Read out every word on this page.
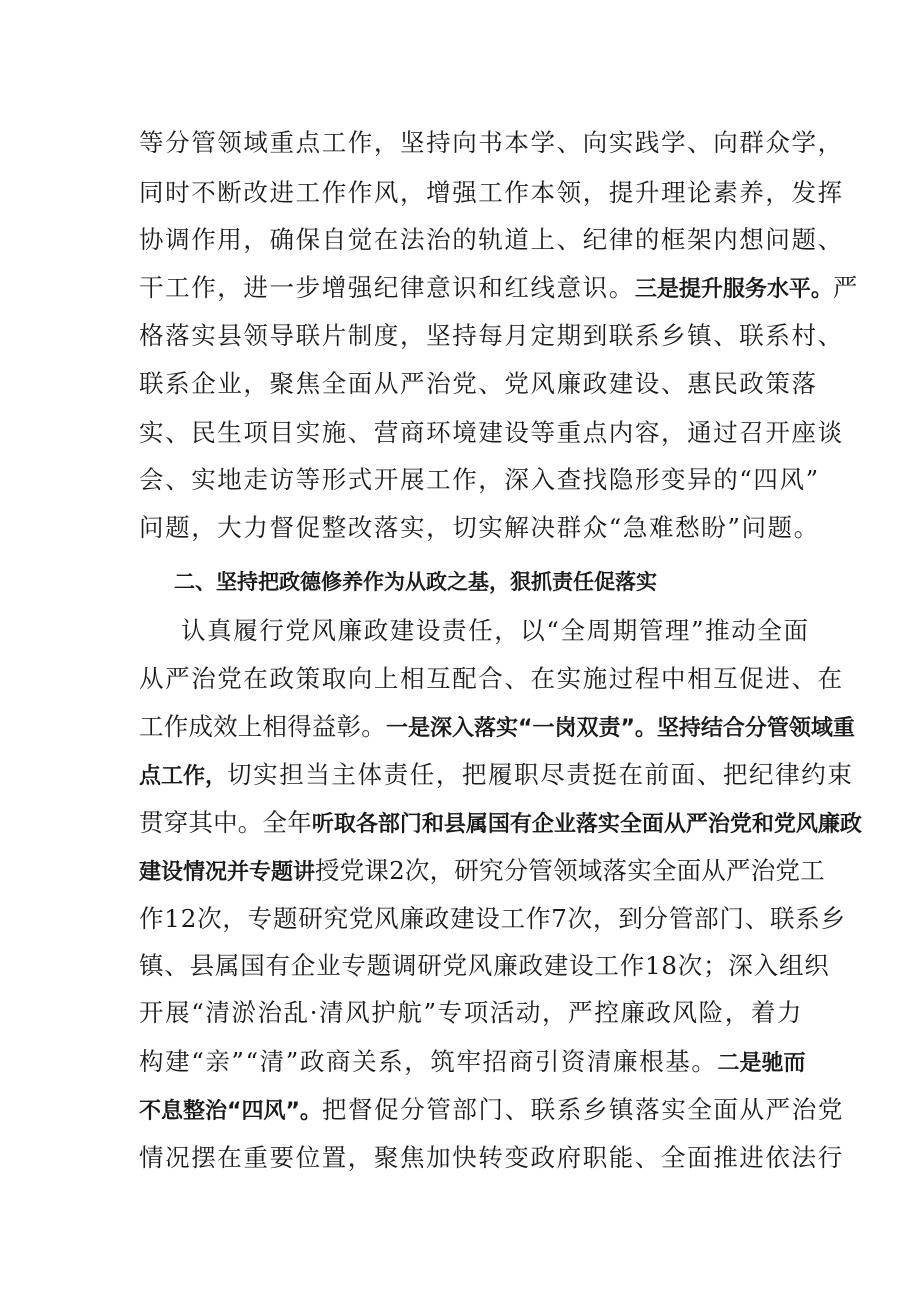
等分管领域重点工作，坚持向书本学、向实践学、向群众学，
同时不断改进工作作风，增强工作本领，提升理论素养，发挥
协调作用，确保自觉在法治的轨道上、纪律的框架内想问题、
干工作，进一步增强纪律意识和红线意识。三是提升服务水平。严
格落实县领导联片制度，坚持每月定期到联系乡镇、联系村、
联系企业，聚焦全面从严治党、党风廉政建设、惠民政策落
实、民生项目实施、营商环境建设等重点内容，通过召开座谈
会、实地走访等形式开展工作，深入查找隐形变异的“四风”
问题，大力督促整改落实，切实解决群众“急难愁盼”问题。
二、坚持把政德修养作为从政之基，狠抓责任促落实
认真履行党风廉政建设责任，以“全周期管理”推动全面
从严治党在政策取向上相互配合、在实施过程中相互促进、在
工作成效上相得益彰。一是深入落实“一岗双责”。坚持结合分管领域重
点工作，切实担当主体责任，把履职尽责挺在前面、把纪律约束
贯穿其中。全年听取各部门和县属国有企业落实全面从严治党和党风廉政
建设情况并专题讲授党课2次，研究分管领域落实全面从严治党工
作12次，专题研究党风廉政建设工作7次，到分管部门、联系乡
镇、县属国有企业专题调研党风廉政建设工作18次；深入组织
开展“清淤治乱·清风护航”专项活动，严控廉政风险，着力
构建“亲”“清”政商关系，筑牢招商引资清廉根基。二是驰而
不息整治“四风”。把督促分管部门、联系乡镇落实全面从严治党
情况摆在重要位置，聚焦加快转变政府职能、全面推进依法行
